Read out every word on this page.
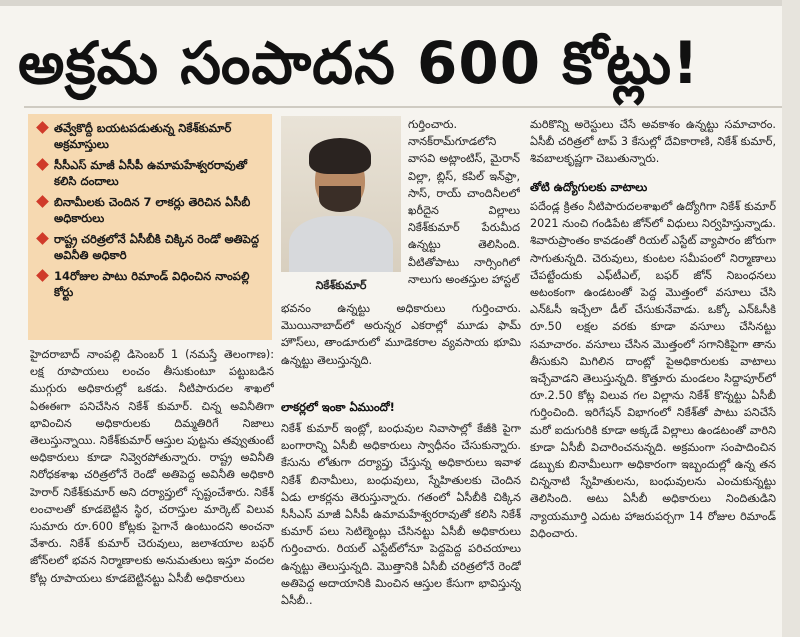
అక్రమ సంపాదన 600 కోట్లు!
తవ్వేకొద్దీ బయటపడుతున్న నికేశ్‌కుమార్‌ అక్రమాస్తులు
సీసీఎస్‌ మాజీ ఏసీపీ ఉమామహేశ్వరరావుతో కలిసి దందాలు
బినామీలకు చెందిన 7 లాకర్లు తెరిచిన ఏసీబీ అధికారులు
రాష్ట్ర చరిత్రలోనే ఏసీబీకి చిక్కిన రెండో అతిపెద్ద అవినీతి అధికారి
14రోజుల పాటు రిమాండ్‌ విధించిన నాంపల్లి కోర్టు	నికేశ్‌కుమార్‌

హైదరాబాద్‌ నాంపల్లి డిసెంబర్‌ 1 (నమస్తే తెలంగాణ): లక్ష రూపాయలు లంచం తీసుకుంటూ పట్టుబడిన ముగ్గురు అధికారుల్లో ఒకడు. నీటిపారుదల శాఖలో ఏఈఈగా పనిచేసిన నికేశ్‌ కుమార్‌. చిన్న అవినీతిగా భావించిన అధికారులకు దిమ్మతిరిగే నిజాలు తెలుస్తున్నాయి. నికేశ్‌కుమార్‌ ఆస్తుల పుట్టను తవ్వుతుంటే అధికారులు కూడా నివ్వెరపోతున్నారు. రాష్ట్ర అవినీతి నిరోధకశాఖ చరిత్రలోనే రెండో అతిపెద్ద అవినీతి అధికారి హెరార్‌ నికేశ్‌కుమార్‌ అని దర్యాప్తులో స్పష్టంచేశారు. నికేశ్‌ లంచాలతో కూడబెట్టిన స్థిర, చరాస్తుల మార్కెట్‌ విలువ సుమారు రూ.600 కోట్లకు పైగానే ఉంటుందని అంచనా వేశారు. నికేశ్‌ కుమార్‌ చెరువులు, జలాశయాల బఫర్‌ జోన్‌లలో భవన నిర్మాణాలకు అనుమతులు ఇస్తూ వందల కోట్ల రూపాయలు కూడబెట్టినట్టు ఏసీబీ అధికారులు

గుర్తించారు. నానక్‌రామ్‌గూడలోని వాసవి అట్లాంటిస్‌, మైరాన్‌ విల్లా, బ్లిస్‌, కపిల్‌ ఇన్‌ఫ్రా, సాస్‌, రాయ్‌ చాందినీలలో ఖరీదైన విల్లాలు నికేశ్‌కుమార్‌ పేరుమీద ఉన్నట్టు తెలిసింది. వీటితోపాటు నార్సింగిలో నాలుగు అంతస్తుల హాస్టల్‌

భవనం ఉన్నట్టు అధికారులు గుర్తించారు. మొయినాబాద్‌లో అరున్నర ఎకరాల్లో మూడు ఫామ్‌ హౌస్‌లు, తాండూరులో మూడెకరాల వ్యవసాయ భూమి ఉన్నట్టు తెలుస్తున్నది.

లాకర్లలో ఇంకా ఏముందో!

నికేశ్‌ కుమార్‌ ఇంట్లో, బంధువుల నివాసాల్లో కేజీకి పైగా బంగారాన్ని ఏసీబీ అధికారులు స్వాధీనం చేసుకున్నారు. కేసును లోతుగా దర్యాప్తు చేస్తున్న అధికారులు ఇవాళ నికేశ్‌ బినామీలు, బంధువులు, స్నేహితులకు చెందిన ఏడు లాకర్లను తెరుస్తున్నారు. గతంలో ఏసీబీకి చిక్కిన సీసీఎస్‌ మాజీ ఏసీపీ ఉమామహేశ్వరరావుతో కలిసి నికేశ్‌ కుమార్‌ పలు సెటిల్మెంట్లు చేసినట్టు ఏసీబీ అధికారులు గుర్తించారు. రియల్‌ ఎస్టేట్‌లోనూ పెద్దపెద్ద పరిచయాలు ఉన్నట్టు తెలుస్తున్నది. మొత్తానికి ఏసీబీ చరిత్రలోనే రెండో అతిపెద్ద అదాయానికి మించిన ఆస్తుల కేసుగా భావిస్తున్న ఏసీబీ..

మరికొన్ని అరెస్టులు చేసే అవకాశం ఉన్నట్టు సమాచారం. ఏసీబీ చరిత్రలో టాప్‌ 3 కేసుల్లో దేవికారాణి, నికేశ్‌ కుమార్‌, శివబాలకృష్ణగా చెబుతున్నారు.

తోటి ఉద్యోగులకు వాటాలు

పదేండ్ల క్రితం నీటిపారుదలశాఖలో ఉద్యోగిగా నికేశ్‌ కుమార్‌ 2021 నుంచి గండిపేట జోన్‌లో విధులు నిర్వహిస్తున్నాడు. శివారుప్రాంతం కావడంతో రియల్‌ ఎస్టేట్‌ వ్యాపారం జోరుగా సాగుతున్నది. చెరువులు, కుంటల సమీపంలో నిర్మాణాలు చేపట్టేందుకు ఎఫ్‌టీఎల్‌, బఫర్‌ జోన్‌ నిబంధనలు అటంకంగా ఉండటంతో పెద్ద మొత్తంలో వసూలు చేసి ఎన్‌ఓసీ ఇచ్చేలా డీల్‌ చేసుకునేవాడు. ఒక్కో ఎన్‌ఓసీకి రూ.50 లక్షల వరకు కూడా వసూలు చేసినట్టు సమాచారం. వసూలు చేసిన మొత్తంలో సగానికిపైగా తాను తీసుకుని మిగిలిన దాంట్లో పైఅధికారులకు వాటాలు ఇచ్చేవాడని తెలుస్తున్నది. కొత్తూరు మండలం సిద్దాపూర్‌లో రూ.2.50 కోట్ల విలువ గల విల్లాను నికేశ్‌ కొన్నట్టు ఏసీబీ గుర్తించింది. ఇరిగేషన్‌ విభాగంలో నికేశ్‌తో పాటు పనిచేసే మరో ఐదుగురికి కూడా అక్కడే విల్లాలు ఉండటంతో వారిని కూడా ఏసీబీ విచారించనున్నది. అక్రమంగా సంపాదించిన డబ్బుకు బినామీలుగా అధికారంగా ఇబ్బందుల్లో ఉన్న తన చిన్ననాటి స్నేహితులను, బంధువులను ఎంచుకున్నట్టు తెలిసింది. అటు ఏసీబీ అధికారులు నిందితుడిని న్యాయమూర్తి ఎదుట హాజరుపర్చగా 14 రోజుల రిమాండ్‌ విధించారు.
